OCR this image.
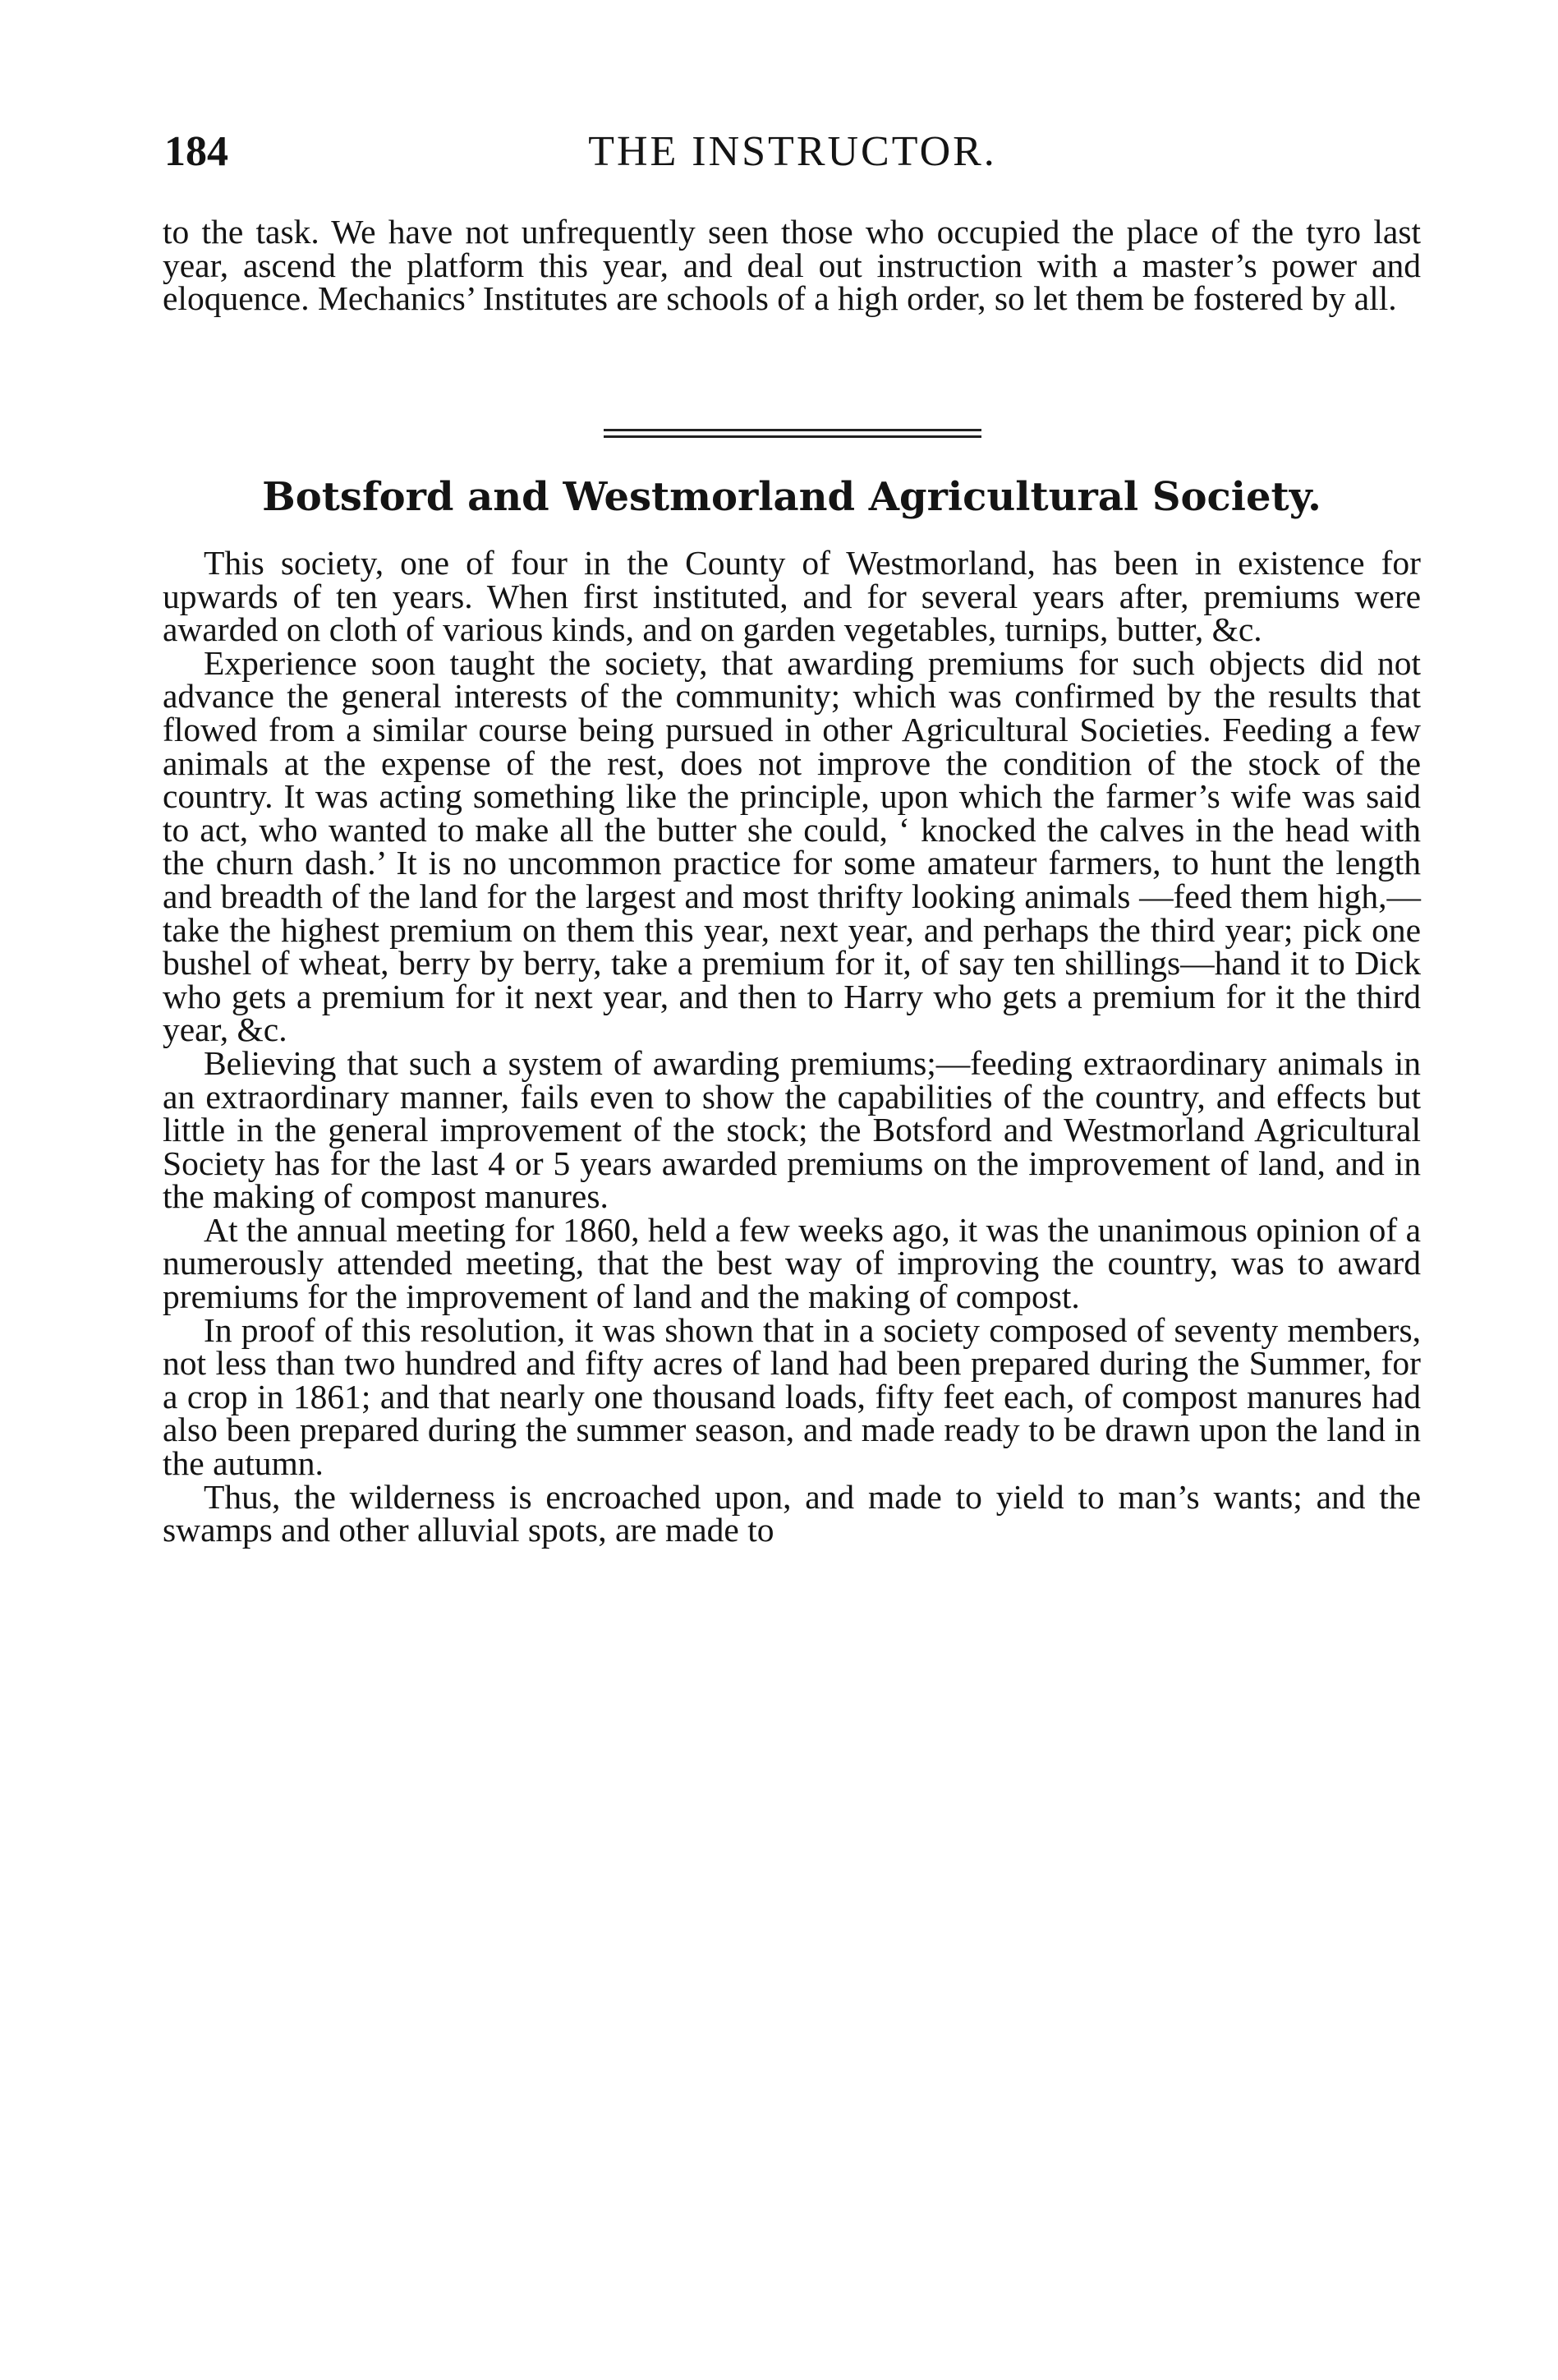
184	THE INSTRUCTOR.
to the task. We have not unfrequently seen those who occupied the place of the tyro last year, ascend the platform this year, and deal out instruction with a master’s power and eloquence. Mechanics’ Institutes are schools of a high order, so let them be fostered by all.
Botsford and Westmorland Agricultural Society.

This society, one of four in the County of Westmorland, has been in existence for upwards of ten years. When first instituted, and for several years after, premiums were awarded on cloth of various kinds, and on garden vegetables, turnips, butter, &c.

Experience soon taught the society, that awarding premiums for such objects did not advance the general interests of the community; which was confirmed by the results that flowed from a similar course being pursued in other Agricultural Societies. Feeding a few animals at the expense of the rest, does not improve the condition of the stock of the country. It was acting something like the principle, upon which the farmer’s wife was said to act, who wanted to make all the butter she could, ‘ knocked the calves in the head with the churn dash.’ It is no uncommon practice for some amateur farmers, to hunt the length and breadth of the land for the largest and most thrifty looking animals —feed them high,—take the highest premium on them this year, next year, and perhaps the third year; pick one bushel of wheat, berry by berry, take a premium for it, of say ten shillings—hand it to Dick who gets a premium for it next year, and then to Harry who gets a premium for it the third year, &c.

Believing that such a system of awarding premiums;—feeding extraordinary animals in an extraordinary manner, fails even to show the capabilities of the country, and effects but little in the general improvement of the stock; the Botsford and Westmorland Agricultural Society has for the last 4 or 5 years awarded premiums on the improvement of land, and in the making of compost manures.

At the annual meeting for 1860, held a few weeks ago, it was the unanimous opinion of a numerously attended meeting, that the best way of improving the country, was to award premiums for the improvement of land and the making of compost.

In proof of this resolution, it was shown that in a society composed of seventy members, not less than two hundred and fifty acres of land had been prepared during the Summer, for a crop in 1861; and that nearly one thousand loads, fifty feet each, of compost manures had also been prepared during the summer season, and made ready to be drawn upon the land in the autumn.

Thus, the wilderness is encroached upon, and made to yield to man’s wants; and the swamps and other alluvial spots, are made to
